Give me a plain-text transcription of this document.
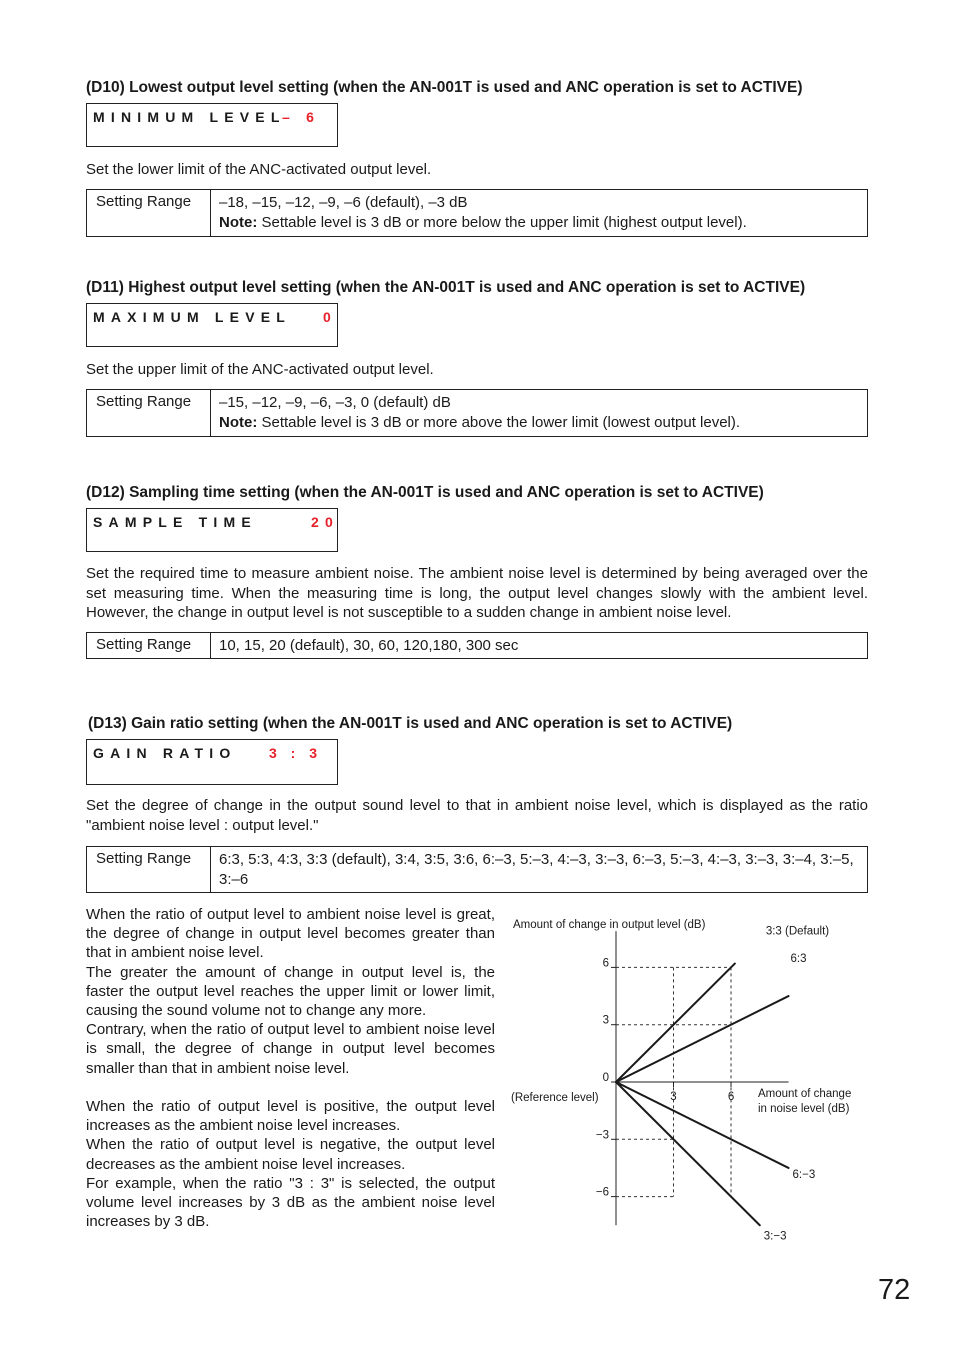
(D10) Lowest output level setting (when the AN-001T is used and ANC operation is set to ACTIVE)
MINIMUM LEVEL
– 6
Set the lower limit of the ANC-activated output level.
Setting Range –18, –15, –12, –9, –6 (default), –3 dB
Note: Settable level is 3 dB or more below the upper limit (highest output level).
(D11) Highest output level setting (when the AN-001T is used and ANC operation is set to ACTIVE)
MAXIMUM LEVEL 0
Set the upper limit of the ANC-activated output level.
Setting Range –15, –12, –9, –6, –3, 0 (default) dB
Note: Settable level is 3 dB or more above the lower limit (lowest output level).
(D12) Sampling time setting (when the AN-001T is used and ANC operation is set to ACTIVE)
SAMPLE TIME	20
Set the required time to measure ambient noise. The ambient noise level is determined by being averaged over the set measuring time. When the measuring time is long, the output level changes slowly with the ambient level. However, the change in output level is not susceptible to a sudden change in ambient noise level.
Setting Range 10, 15, 20 (default), 30, 60, 120,180, 300 sec
(D13) Gain ratio setting (when the AN-001T is used and ANC operation is set to ACTIVE)
GAIN RATIO 3 : 3
Set the degree of change in the output sound level to that in ambient noise level, which is displayed as the ratio "ambient noise level : output level."
Setting Range 6:3, 5:3, 4:3, 3:3 (default), 3:4, 3:5, 3:6, 6:–3, 5:–3, 4:–3, 3:–3, 6:–3, 5:–3, 4:–3, 3:–3, 3:–4, 3:–5, 3:–6
When the ratio of output level to ambient noise level is great, the degree of change in output level becomes greater than that in ambient noise level.
The greater the amount of change in output level is, the faster the output level reaches the upper limit or lower limit, causing the sound volume not to change any more.
Contrary, when the ratio of output level to ambient noise level is small, the degree of change in output level becomes smaller than that in ambient noise level.
When the ratio of output level is positive, the output level increases as the ambient noise level increases.
When the ratio of output level is negative, the output level decreases as the ambient noise level increases.
For example, when the ratio "3 : 3" is selected, the output volume level increases by 3 dB as the ambient noise level increases by 3 dB.
Amount of change in output level (dB)
(Reference level)	Amount of change
in noise level (dB)
6
3
0
−3
−6
3	6
3:3 (Default)
6:3
6:−3
3:−3
72
